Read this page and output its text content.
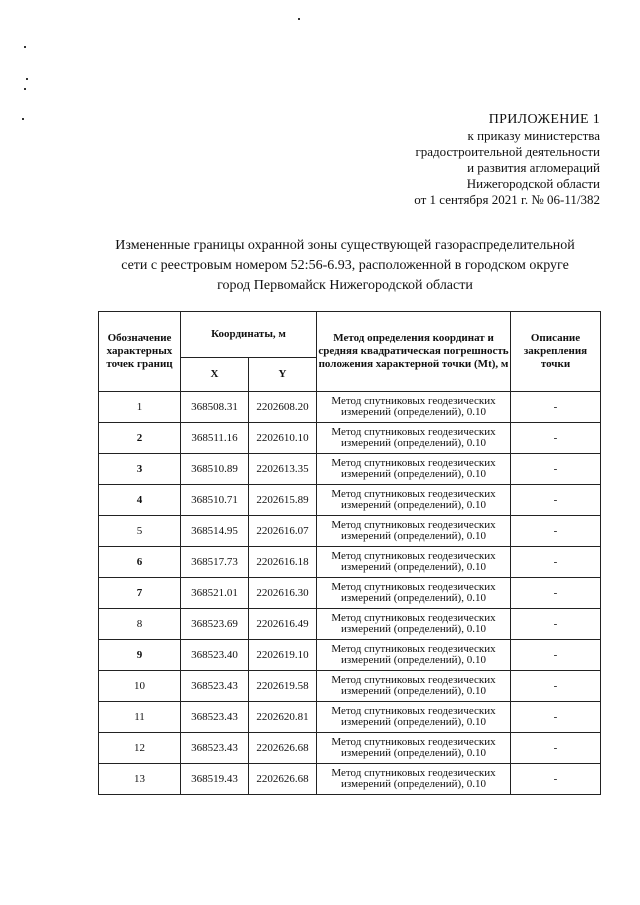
ПРИЛОЖЕНИЕ 1
к приказу министерства
градостроительной деятельности
и развития агломераций
Нижегородской области
от 1 сентября 2021 г. № 06-11/382
Измененные границы охранной зоны существующей газораспределительной
сети с реестровым номером 52:56-6.93, расположенной в городском округе
город Первомайск Нижегородской области
Обозначение характерных точек границ	Координаты, м		Метод определения координат и средняя квадратическая погрешность положения характерной точки (Mt), м	Описание закрепления точки
	X	Y		
1	368508.31	2202608.20	Метод спутниковых геодезических измерений (определений), 0.10	-
2	368511.16	2202610.10	Метод спутниковых геодезических измерений (определений), 0.10	-
3	368510.89	2202613.35	Метод спутниковых геодезических измерений (определений), 0.10	-
4	368510.71	2202615.89	Метод спутниковых геодезических измерений (определений), 0.10	-
5	368514.95	2202616.07	Метод спутниковых геодезических измерений (определений), 0.10	-
6	368517.73	2202616.18	Метод спутниковых геодезических измерений (определений), 0.10	-
7	368521.01	2202616.30	Метод спутниковых геодезических измерений (определений), 0.10	-
8	368523.69	2202616.49	Метод спутниковых геодезических измерений (определений), 0.10	-
9	368523.40	2202619.10	Метод спутниковых геодезических измерений (определений), 0.10	-
10	368523.43	2202619.58	Метод спутниковых геодезических измерений (определений), 0.10	-
11	368523.43	2202620.81	Метод спутниковых геодезических измерений (определений), 0.10	-
12	368523.43	2202626.68	Метод спутниковых геодезических измерений (определений), 0.10	-
13	368519.43	2202626.68	Метод спутниковых геодезических измерений (определений), 0.10	-
